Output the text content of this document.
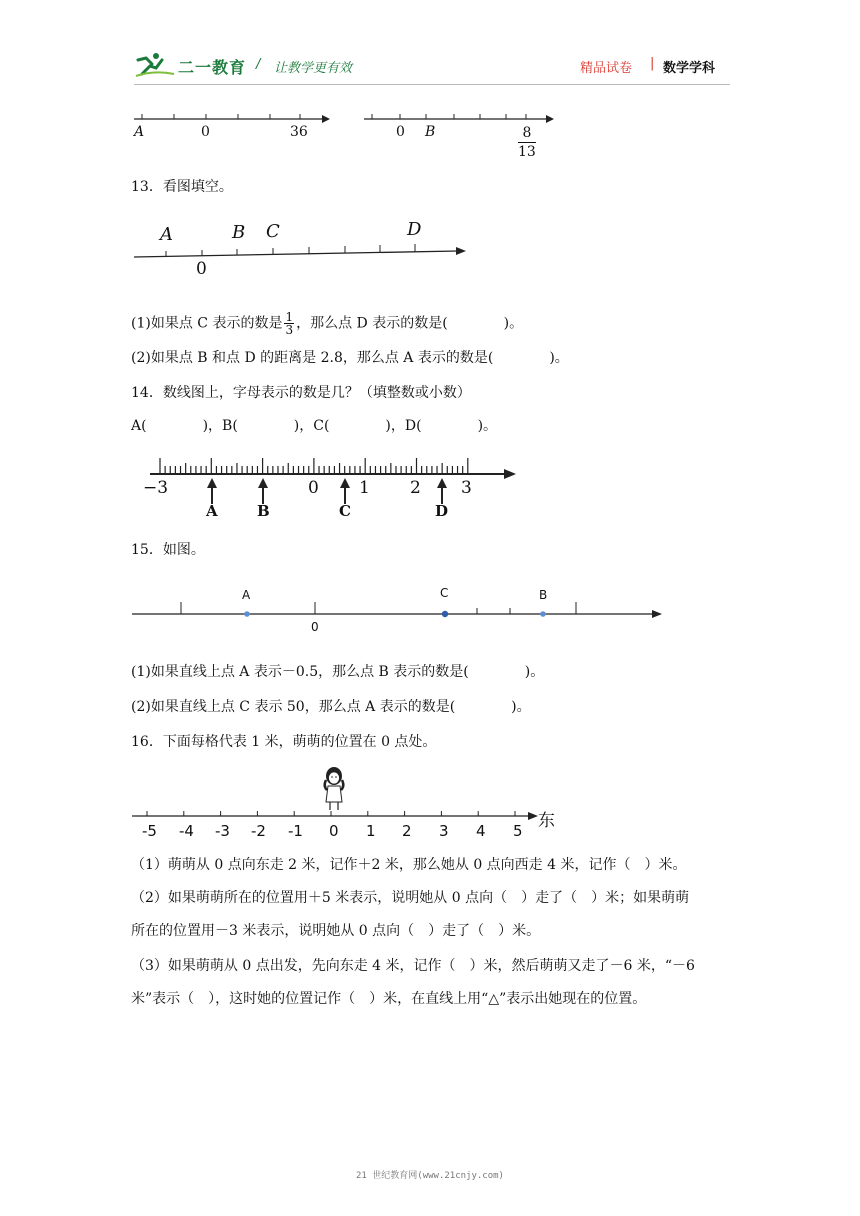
二一教育 / 让教学更有效	精品试卷 | 数学学科
A	0	36	0 B	$\frac{8}{13}$
13．看图填空。
A	B C	D
0
(1)如果点 C 表示的数是 $\frac{1}{3}$ ，那么点 D 表示的数是(　　　　)。
(2)如果点 B 和点 D 的距离是 2.8，那么点 A 表示的数是(　　　　)。
14．数线图上，字母表示的数是几？（填整数或小数）
A(　　　　)，B(　　　　)，C(　　　　)，D(　　　　)。
−3	0 1 2 3
A	B	C	D
15．如图。
A	C	B
0
(1)如果直线上点 A 表示－0.5，那么点 B 表示的数是(　　　　)。
(2)如果直线上点 C 表示 50，那么点 A 表示的数是(　　　　)。
16．下面每格代表 1 米，萌萌的位置在 0 点处。
东
-5 -4 -3 -2 -1 0 1 2 3 4 5
（1）萌萌从 0 点向东走 2 米，记作＋2 米，那么她从 0 点向西走 4 米，记作（　）米。
（2）如果萌萌所在的位置用＋5 米表示，说明她从 0 点向（　）走了（　）米；如果萌萌
所在的位置用－3 米表示，说明她从 0 点向（　）走了（　）米。
（3）如果萌萌从 0 点出发，先向东走 4 米，记作（　）米，然后萌萌又走了－6 米，“－6
米”表示（　），这时她的位置记作（　）米，在直线上用“△”表示出她现在的位置。
21 世纪教育网(www.21cnjy.com)
